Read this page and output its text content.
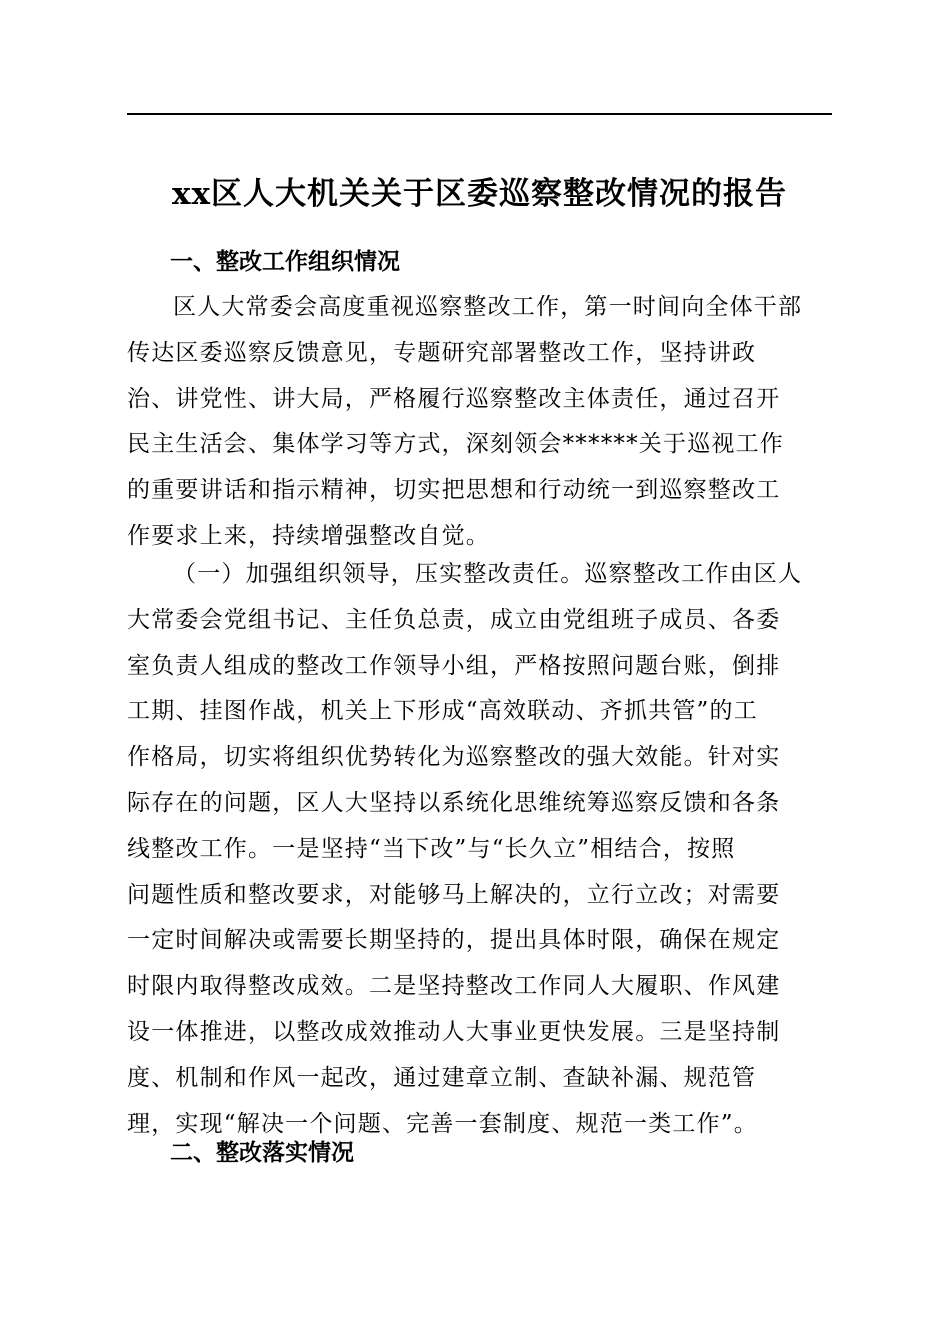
xx区人大机关关于区委巡察整改情况的报告
一、整改工作组织情况
区人大常委会高度重视巡察整改工作，第一时间向全体干部
传达区委巡察反馈意见，专题研究部署整改工作，坚持讲政
治、讲党性、讲大局，严格履行巡察整改主体责任，通过召开
民主生活会、集体学习等方式，深刻领会******关于巡视工作
的重要讲话和指示精神，切实把思想和行动统一到巡察整改工
作要求上来，持续增强整改自觉。
（一）加强组织领导，压实整改责任。巡察整改工作由区人
大常委会党组书记、主任负总责，成立由党组班子成员、各委
室负责人组成的整改工作领导小组，严格按照问题台账，倒排
工期、挂图作战，机关上下形成“高效联动、齐抓共管”的工
作格局，切实将组织优势转化为巡察整改的强大效能。针对实
际存在的问题，区人大坚持以系统化思维统筹巡察反馈和各条
线整改工作。一是坚持“当下改”与“长久立”相结合，按照
问题性质和整改要求，对能够马上解决的，立行立改；对需要
一定时间解决或需要长期坚持的，提出具体时限，确保在规定
时限内取得整改成效。二是坚持整改工作同人大履职、作风建
设一体推进，以整改成效推动人大事业更快发展。三是坚持制
度、机制和作风一起改，通过建章立制、查缺补漏、规范管
理，实现“解决一个问题、完善一套制度、规范一类工作”。
二、整改落实情况
